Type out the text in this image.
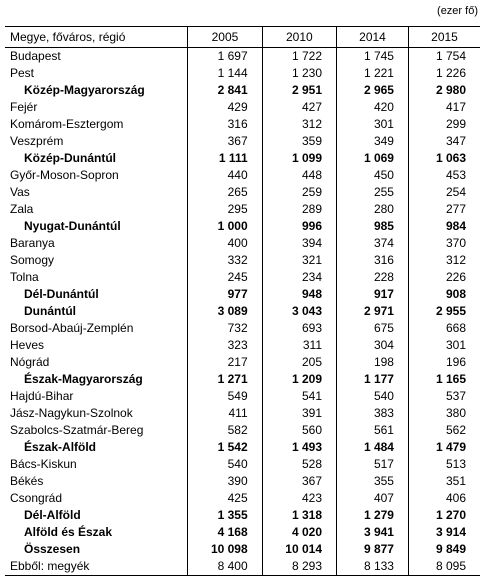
(ezer fő)
Megye, főváros, régió	2005	2010	2014	2015
Budapest	1 697	1 722	1 745	1 754
Pest	1 144	1 230	1 221	1 226
Közép-Magyarország	2 841	2 951	2 965	2 980
Fejér	429	427	420	417
Komárom-Esztergom	316	312	301	299
Veszprém	367	359	349	347
Közép-Dunántúl	1 111	1 099	1 069	1 063
Győr-Moson-Sopron	440	448	450	453
Vas	265	259	255	254
Zala	295	289	280	277
Nyugat-Dunántúl	1 000	996	985	984
Baranya	400	394	374	370
Somogy	332	321	316	312
Tolna	245	234	228	226
Dél-Dunántúl	977	948	917	908
Dunántúl	3 089	3 043	2 971	2 955
Borsod-Abaúj-Zemplén	732	693	675	668
Heves	323	311	304	301
Nógrád	217	205	198	196
Észak-Magyarország	1 271	1 209	1 177	1 165
Hajdú-Bihar	549	541	540	537
Jász-Nagykun-Szolnok	411	391	383	380
Szabolcs-Szatmár-Bereg	582	560	561	562
Észak-Alföld	1 542	1 493	1 484	1 479
Bács-Kiskun	540	528	517	513
Békés	390	367	355	351
Csongrád	425	423	407	406
Dél-Alföld	1 355	1 318	1 279	1 270
Alföld és Észak	4 168	4 020	3 941	3 914
Összesen	10 098	10 014	9 877	9 849
Ebből: megyék	8 400	8 293	8 133	8 095
